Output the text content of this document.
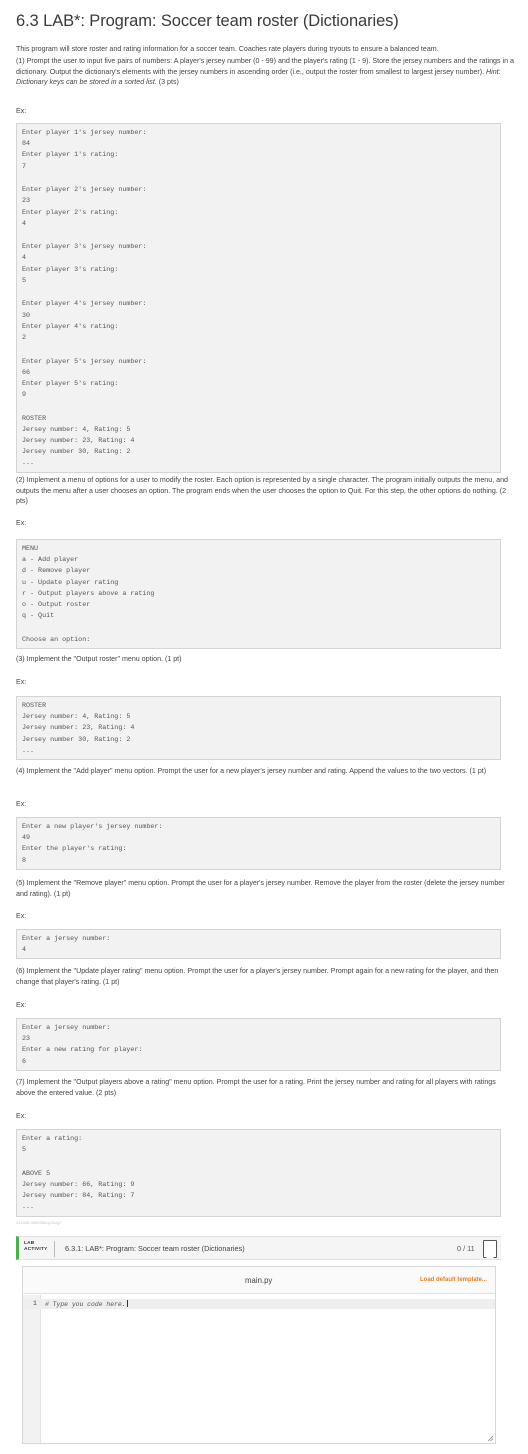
6.3 LAB*: Program: Soccer team roster (Dictionaries)
This program will store roster and rating information for a soccer team. Coaches rate players during tryouts to ensure a balanced team.
(1) Prompt the user to input five pairs of numbers: A player's jersey number (0 - 99) and the player's rating (1 - 9). Store the jersey numbers and the ratings in a dictionary. Output the dictionary's elements with the jersey numbers in ascending order (i.e., output the roster from smallest to largest jersey number). Hint: Dictionary keys can be stored in a sorted list. (3 pts)
Ex:
Enter player 1's jersey number:
84
Enter player 1's rating:
7
Enter player 2's jersey number:
23
Enter player 2's rating:
4
Enter player 3's jersey number:
4
Enter player 3's rating:
5
Enter player 4's jersey number:
30
Enter player 4's rating:
2
Enter player 5's jersey number:
66
Enter player 5's rating:
9
ROSTER
Jersey number: 4, Rating: 5
Jersey number: 23, Rating: 4
Jersey number 30, Rating: 2
...
(2) Implement a menu of options for a user to modify the roster. Each option is represented by a single character. The program initially outputs the menu, and outputs the menu after a user chooses an option. The program ends when the user chooses the option to Quit. For this step, the other options do nothing. (2 pts)
Ex:
MENU
a - Add player
d - Remove player
u - Update player rating
r - Output players above a rating
o - Output roster
q - Quit
Choose an option:
(3) Implement the "Output roster" menu option. (1 pt)
Ex:
ROSTER
Jersey number: 4, Rating: 5
Jersey number: 23, Rating: 4
Jersey number 30, Rating: 2
...
(4) Implement the "Add player" menu option. Prompt the user for a new player's jersey number and rating. Append the values to the two vectors. (1 pt)
Ex:
Enter a new player's jersey number:
49
Enter the player's rating:
8
(5) Implement the "Remove player" menu option. Prompt the user for a player's jersey number. Remove the player from the roster (delete the jersey number and rating). (1 pt)
Ex:
Enter a jersey number:
4
(6) Implement the "Update player rating" menu option. Prompt the user for a player's jersey number. Prompt again for a new rating for the player, and then change that player's rating. (1 pt)
Ex:
Enter a jersey number:
23
Enter a new rating for player:
6
(7) Implement the "Output players above a rating" menu option. Prompt the user for a rating. Print the jersey number and rating for all players with ratings above the entered value. (2 pts)
Ex:
Enter a rating:
5
ABOVE 5
Jersey number: 66, Rating: 9
Jersey number: 84, Rating: 7
...
449446.3069386.qx3zqy7
LAB
ACTIVITY 6.3.1: LAB*: Program: Soccer team roster (Dictionaries)	0 / 11
main.py	Load default template...
1 # Type you code here.
